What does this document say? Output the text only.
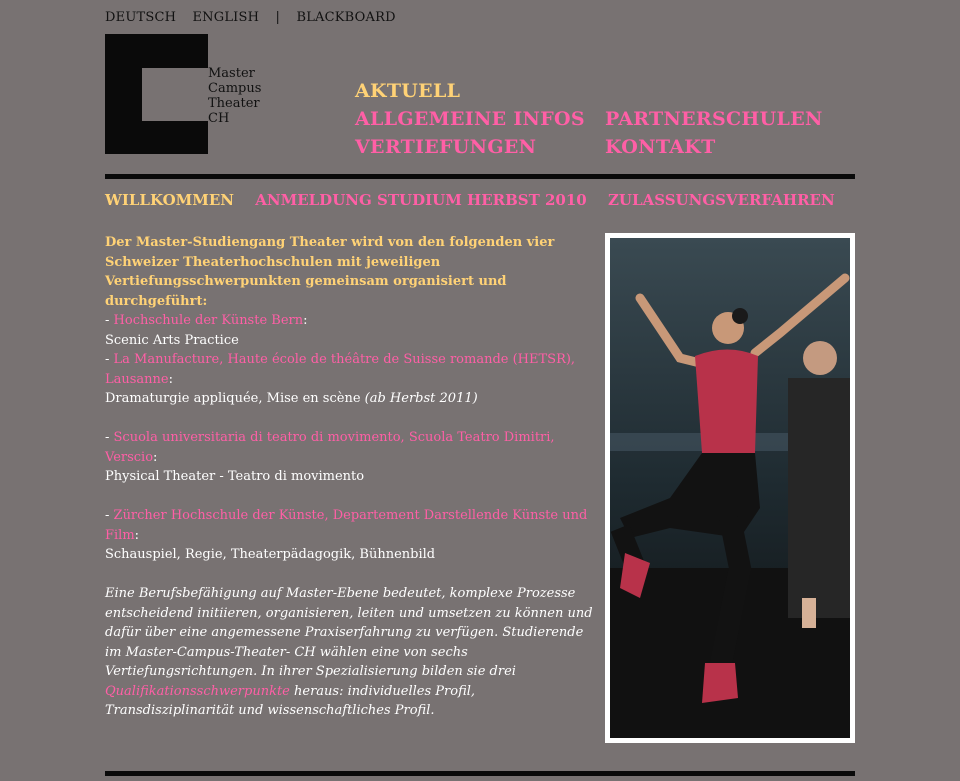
DEUTSCH ENGLISH | BLACKBOARD
Master
Campus
Theater
CH
AKTUELL
ALLGEMEINE INFOS
VERTIEFUNGEN
PARTNERSCHULEN
KONTAKT
WILLKOMMEN ANMELDUNG STUDIUM HERBST 2010 ZULASSUNGSVERFAHREN

Der Master-Studiengang Theater wird von den folgenden vier Schweizer Theaterhochschulen mit jeweiligen Vertiefungsschwerpunkten gemeinsam organisiert und durchgeführt:

- Hochschule der Künste Bern:

Scenic Arts Practice

- La Manufacture, Haute école de théâtre de Suisse romande (HETSR), Lausanne:

Dramaturgie appliquée, Mise en scène (ab Herbst 2011)

- Scuola universitaria di teatro di movimento, Scuola Teatro Dimitri, Verscio:

Physical Theater - Teatro di movimento

- Zürcher Hochschule der Künste, Departement Darstellende Künste und Film:

Schauspiel, Regie, Theaterpädagogik, Bühnenbild

Eine Berufsbefähigung auf Master-Ebene bedeutet, komplexe Prozesse entscheidend initiieren, organisieren, leiten und umsetzen zu können und dafür über eine angemessene Praxiserfahrung zu verfügen. Studierende im Master-Campus-Theater- CH wählen eine von sechs Vertiefungsrichtungen. In ihrer Spezialisierung bilden sie drei Qualifikationsschwerpunkte heraus: individuelles Profil, Transdisziplinarität und wissenschaftliches Profil.
